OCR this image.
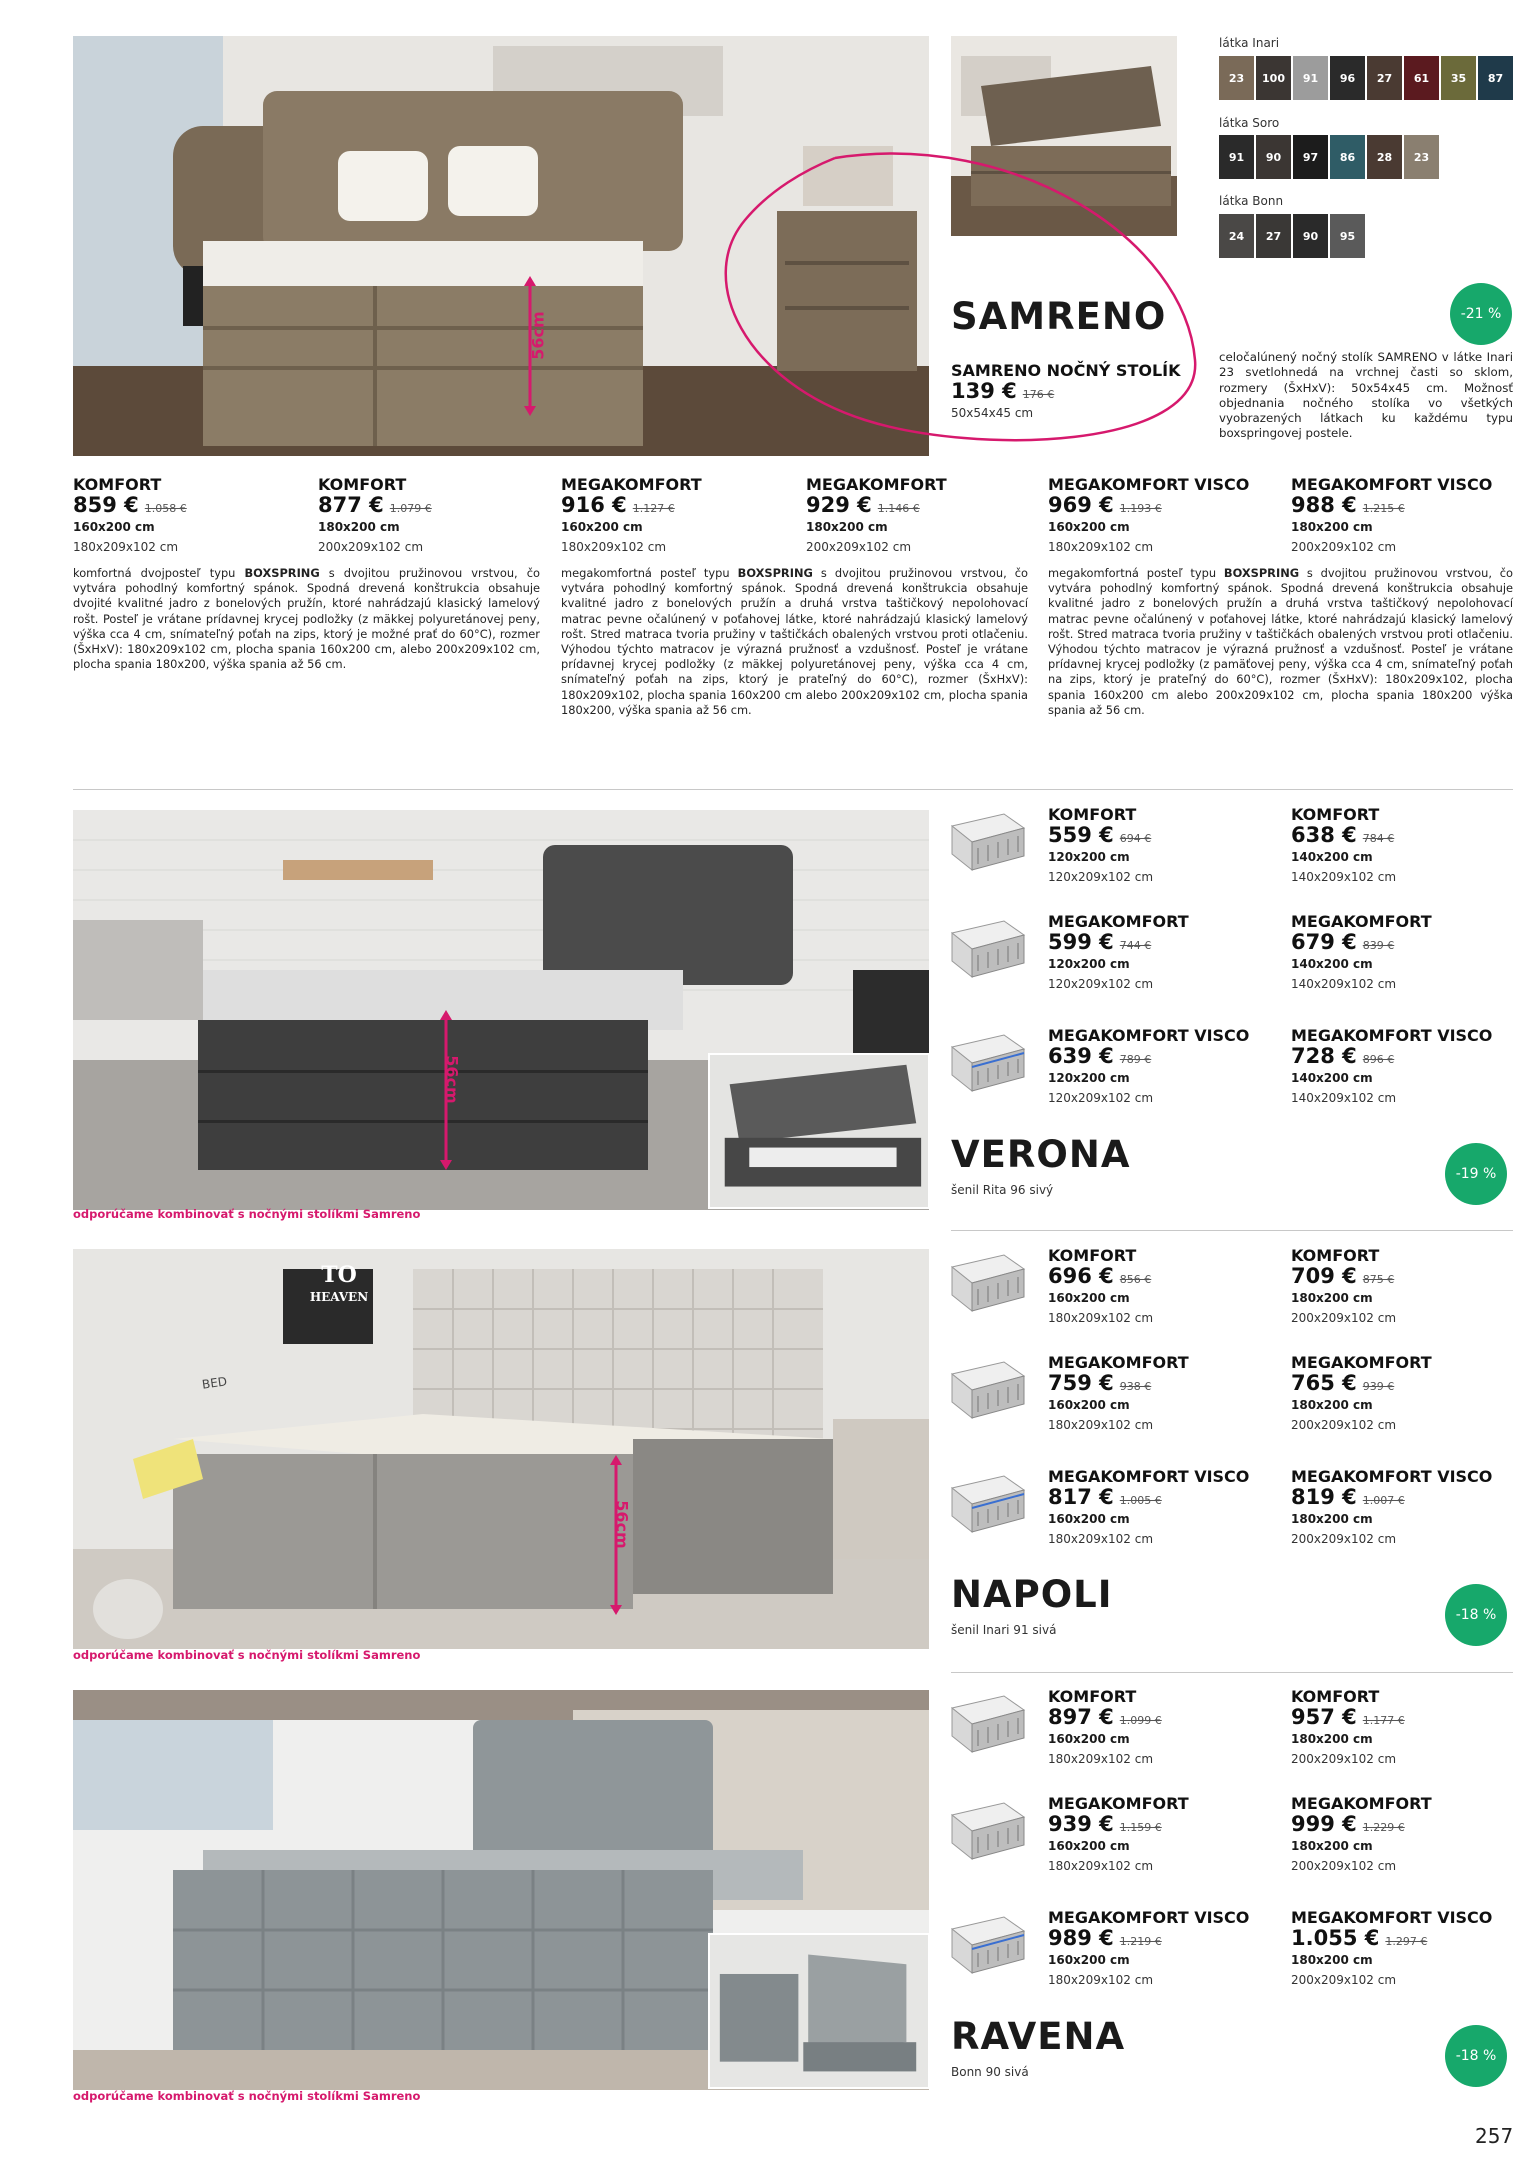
56cm
látka Inari
23	100	91	96	27	61	35	87
látka Soro
91	90	97	86	28	23
látka Bonn
24	27	90	95
SAMRENO	-21 %
SAMRENO NOČNÝ STOLÍK
139 € 176 €
50x54x45 cm
celočalúnený nočný stolík SAMRENO v látke Inari 23 svetlohnedá na vrchnej časti so sklom, rozmery (ŠxHxV): 50x54x45 cm. Možnosť objednania nočného stolíka vo všetkých vyobrazených látkach ku každému typu boxspringovej postele.
KOMFORT
859 € 1.058 €
160x200 cm
180x209x102 cm
KOMFORT
877 € 1.079 €
180x200 cm
200x209x102 cm
MEGAKOMFORT
916 € 1.127 €
160x200 cm
180x209x102 cm
MEGAKOMFORT
929 € 1.146 €
180x200 cm
200x209x102 cm
MEGAKOMFORT VISCO
969 € 1.193 €
160x200 cm
180x209x102 cm
MEGAKOMFORT VISCO
988 € 1.215 €
180x200 cm
200x209x102 cm
komfortná dvojposteľ typu BOXSPRING s dvojitou pružinovou vrstvou, čo vytvára pohodlný komfortný spánok. Spodná drevená konštrukcia obsahuje dvojité kvalitné jadro z bonelových pružín, ktoré nahrádzajú klasický lamelový rošt. Posteľ je vrátane prídavnej krycej podložky (z mäkkej polyuretánovej peny, výška cca 4 cm, snímateľný poťah na zips, ktorý je možné prať do 60°C), rozmer (ŠxHxV): 180x209x102 cm, plocha spania 160x200 cm, alebo 200x209x102 cm, plocha spania 180x200, výška spania až 56 cm.
megakomfortná posteľ typu BOXSPRING s dvojitou pružinovou vrstvou, čo vytvára pohodlný komfortný spánok. Spodná drevená konštrukcia obsahuje kvalitné jadro z bonelových pružín a druhá vrstva taštičkový nepolohovací matrac pevne očalúnený v poťahovej látke, ktoré nahrádzajú klasický lamelový rošt. Stred matraca tvoria pružiny v taštičkách obalených vrstvou proti otlačeniu. Výhodou týchto matracov je výrazná pružnosť a vzdušnosť. Posteľ je vrátane prídavnej krycej podložky (z mäkkej polyuretánovej peny, výška cca 4 cm, snímateľný poťah na zips, ktorý je prateľný do 60°C), rozmer (ŠxHxV): 180x209x102, plocha spania 160x200 cm alebo 200x209x102 cm, plocha spania 180x200, výška spania až 56 cm.
megakomfortná posteľ typu BOXSPRING s dvojitou pružinovou vrstvou, čo vytvára pohodlný komfortný spánok. Spodná drevená konštrukcia obsahuje kvalitné jadro z bonelových pružín a druhá vrstva taštičkový nepolohovací matrac pevne očalúnený v poťahovej látke, ktoré nahrádzajú klasický lamelový rošt. Stred matraca tvoria pružiny v taštičkách obalených vrstvou proti otlačeniu. Výhodou týchto matracov je výrazná pružnosť a vzdušnosť. Posteľ je vrátane prídavnej krycej podložky (z pamäťovej peny, výška cca 4 cm, snímateľný poťah na zips, ktorý je prateľný do 60°C), rozmer (ŠxHxV): 180x209x102, plocha spania 160x200 cm alebo 200x209x102 cm, plocha spania 180x200 výška spania až 56 cm.
56cm
odporúčame kombinovať s nočnými stolíkmi Samreno
KOMFORT
559 € 694 €
120x200 cm
120x209x102 cm
KOMFORT
638 € 784 €
140x200 cm
140x209x102 cm
MEGAKOMFORT
599 € 744 €
120x200 cm
120x209x102 cm
MEGAKOMFORT
679 € 839 €
140x200 cm
140x209x102 cm
MEGAKOMFORT VISCO
639 € 789 €
120x200 cm
120x209x102 cm
MEGAKOMFORT VISCO
728 € 896 €
140x200 cm
140x209x102 cm
VERONA
šenil Rita 96 sivý
-19 %
TO
HEAVEN
BED
56cm
odporúčame kombinovať s nočnými stolíkmi Samreno
KOMFORT
696 € 856 €
160x200 cm
180x209x102 cm
KOMFORT
709 € 875 €
180x200 cm
200x209x102 cm
MEGAKOMFORT
759 € 938 €
160x200 cm
180x209x102 cm
MEGAKOMFORT
765 € 939 €
180x200 cm
200x209x102 cm
MEGAKOMFORT VISCO
817 € 1.005 €
160x200 cm
180x209x102 cm
MEGAKOMFORT VISCO
819 € 1.007 €
180x200 cm
200x209x102 cm
NAPOLI
šenil Inari 91 sivá
-18 %
odporúčame kombinovať s nočnými stolíkmi Samreno
KOMFORT
897 € 1.099 €
160x200 cm
180x209x102 cm
KOMFORT
957 € 1.177 €
180x200 cm
200x209x102 cm
MEGAKOMFORT
939 € 1.159 €
160x200 cm
180x209x102 cm
MEGAKOMFORT
999 € 1.229 €
180x200 cm
200x209x102 cm
MEGAKOMFORT VISCO
989 € 1.219 €
160x200 cm
180x209x102 cm
MEGAKOMFORT VISCO
1.055 € 1.297 €
180x200 cm
200x209x102 cm
RAVENA
Bonn 90 sivá
-18 %
257
